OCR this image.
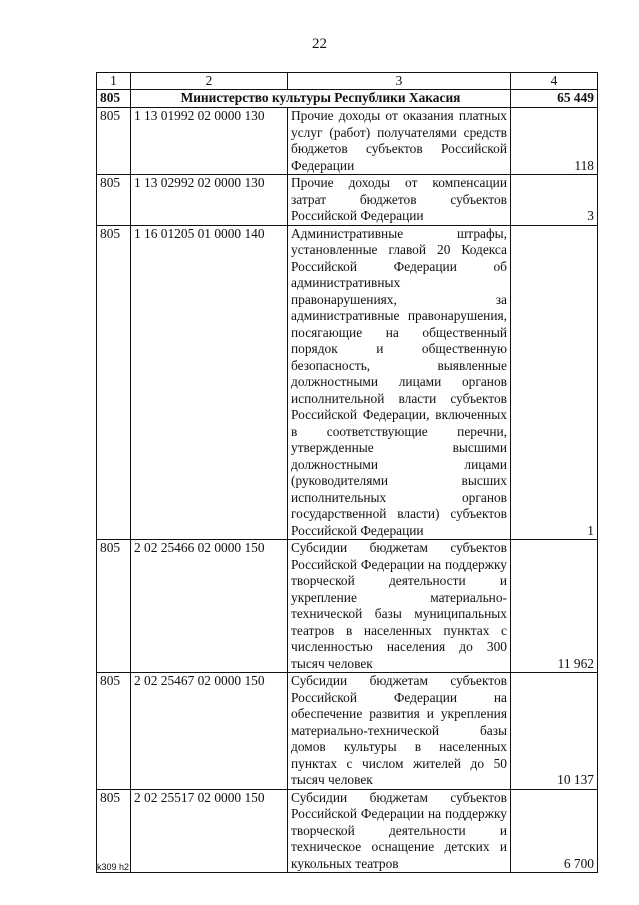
22
1	2	3	4
805	Министерство культуры Республики Хакасия		65 449
805	1 13 01992 02 0000 130	Прочие доходы от оказания платных услуг (работ) получателями средств бюджетов субъектов Российской Федерации	118
805	1 13 02992 02 0000 130	Прочие доходы от компенсации затрат бюджетов субъектов Российской Федерации	3
805	1 16 01205 01 0000 140	Административные штрафы, установленные главой 20 Кодекса Российской Федерации об административных правонарушениях, за административные правонарушения, посягающие на общественный порядок и общественную безопасность, выявленные должностными лицами органов исполнительной власти субъектов Российской Федерации, включенных в соответствующие перечни, утвержденные высшими должностными лицами (руководителями высших исполнительных органов государственной власти) субъектов Российской Федерации	1
805	2 02 25466 02 0000 150	Субсидии бюджетам субъектов Российской Федерации на поддержку творческой деятельности и укрепление материально-технической базы муниципальных театров в населенных пунктах с численностью населения до 300 тысяч человек	11 962
805	2 02 25467 02 0000 150	Субсидии бюджетам субъектов Российской Федерации на обеспечение развития и укрепления материально-технической базы домов культуры в населенных пунктах с числом жителей до 50 тысяч человек	10 137
805	2 02 25517 02 0000 150	Субсидии бюджетам субъектов Российской Федерации на поддержку творческой деятельности и техническое оснащение детских и кукольных театров	6 700
k309 h2
